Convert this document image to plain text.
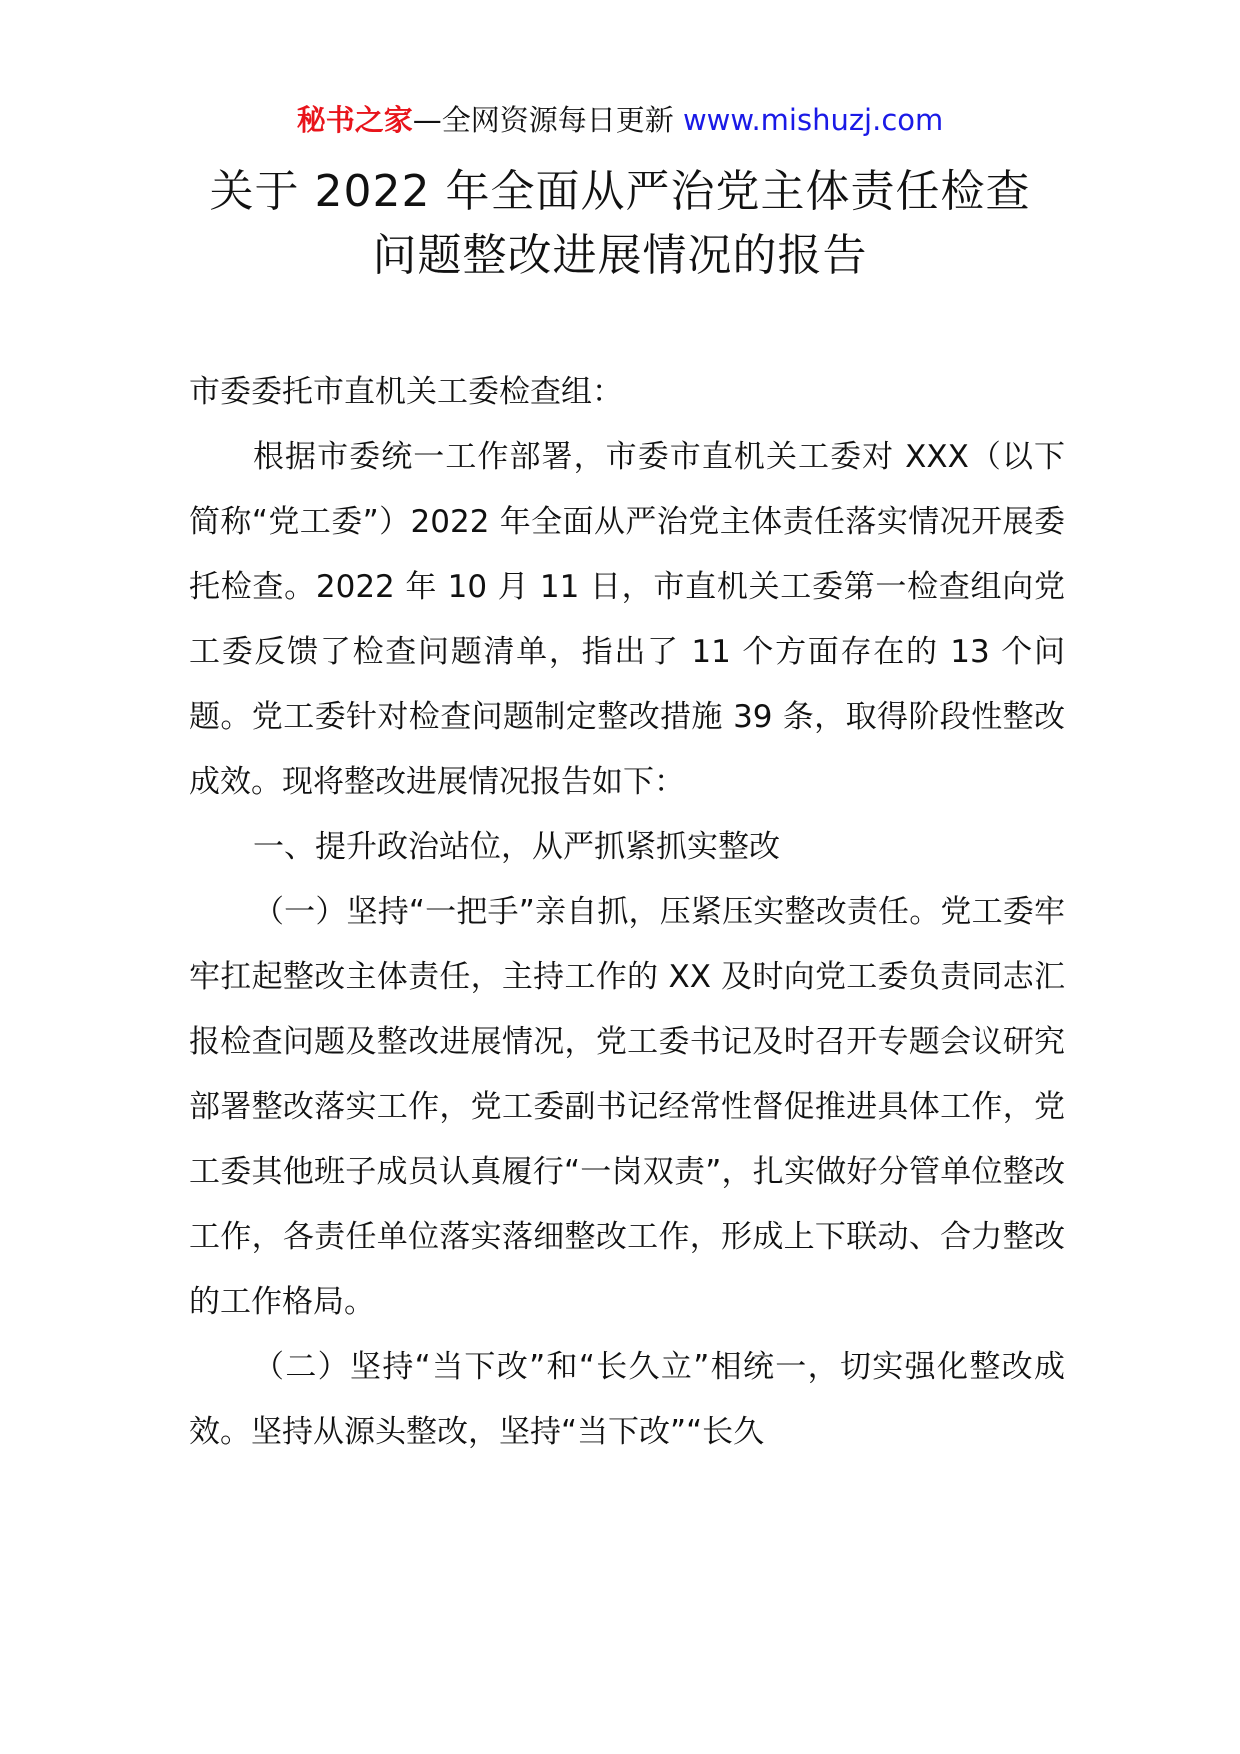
秘书之家—全网资源每日更新 www.mishuzj.com
关于 2022 年全面从严治党主体责任检查
问题整改进展情况的报告

市委委托市直机关工委检查组：

根据市委统一工作部署，市委市直机关工委对 XXX（以下简称“党工委”）2022 年全面从严治党主体责任落实情况开展委托检查。2022 年 10 月 11 日，市直机关工委第一检查组向党工委反馈了检查问题清单，指出了 11 个方面存在的 13 个问题。党工委针对检查问题制定整改措施 39 条，取得阶段性整改成效。现将整改进展情况报告如下：

一、提升政治站位，从严抓紧抓实整改

（一）坚持“一把手”亲自抓，压紧压实整改责任。党工委牢牢扛起整改主体责任，主持工作的 XX 及时向党工委负责同志汇报检查问题及整改进展情况，党工委书记及时召开专题会议研究部署整改落实工作，党工委副书记经常性督促推进具体工作，党工委其他班子成员认真履行“一岗双责”，扎实做好分管单位整改工作，各责任单位落实落细整改工作，形成上下联动、合力整改的工作格局。

（二）坚持“当下改”和“长久立”相统一，切实强化整改成效。坚持从源头整改，坚持“当下改”“长久
